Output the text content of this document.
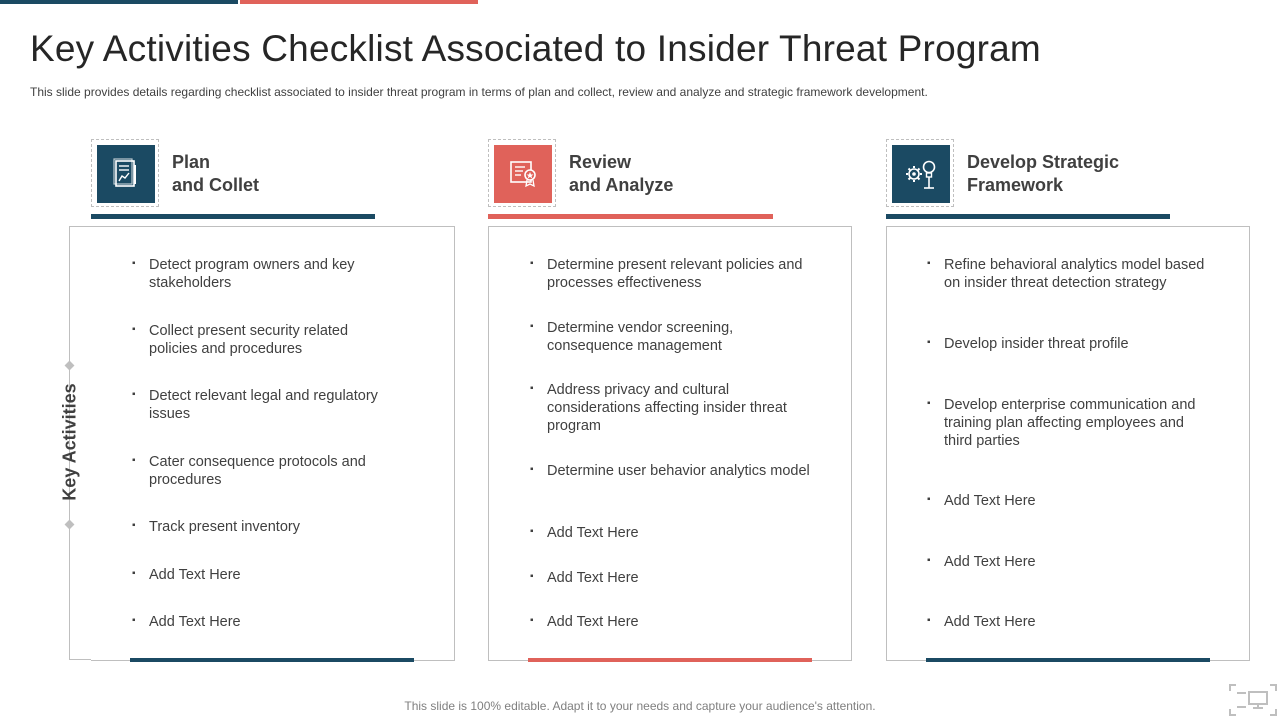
Key Activities Checklist Associated to Insider Threat Program

This slide provides details regarding checklist associated to insider threat program in terms of plan and collect, review and analyze and strategic framework development.

Key Activities
Plan
and Collet
▪ Detect program owners and key stakeholders
▪ Collect present security related policies and procedures
▪ Detect relevant legal and regulatory issues
▪ Cater consequence protocols and procedures
▪ Track present inventory
▪ Add Text Here
▪ Add Text Here
Review
and Analyze
▪ Determine present relevant policies and processes effectiveness
▪ Determine vendor screening, consequence management
▪ Address privacy and cultural considerations affecting insider threat program
▪ Determine user behavior analytics model
▪ Add Text Here
▪ Add Text Here
▪ Add Text Here
Develop Strategic
Framework
▪ Refine behavioral analytics model based on insider threat detection strategy
▪ Develop insider threat profile
▪ Develop enterprise communication and training plan affecting employees and third parties
▪ Add Text Here
▪ Add Text Here
▪ Add Text Here
This slide is 100% editable. Adapt it to your needs and capture your audience's attention.
